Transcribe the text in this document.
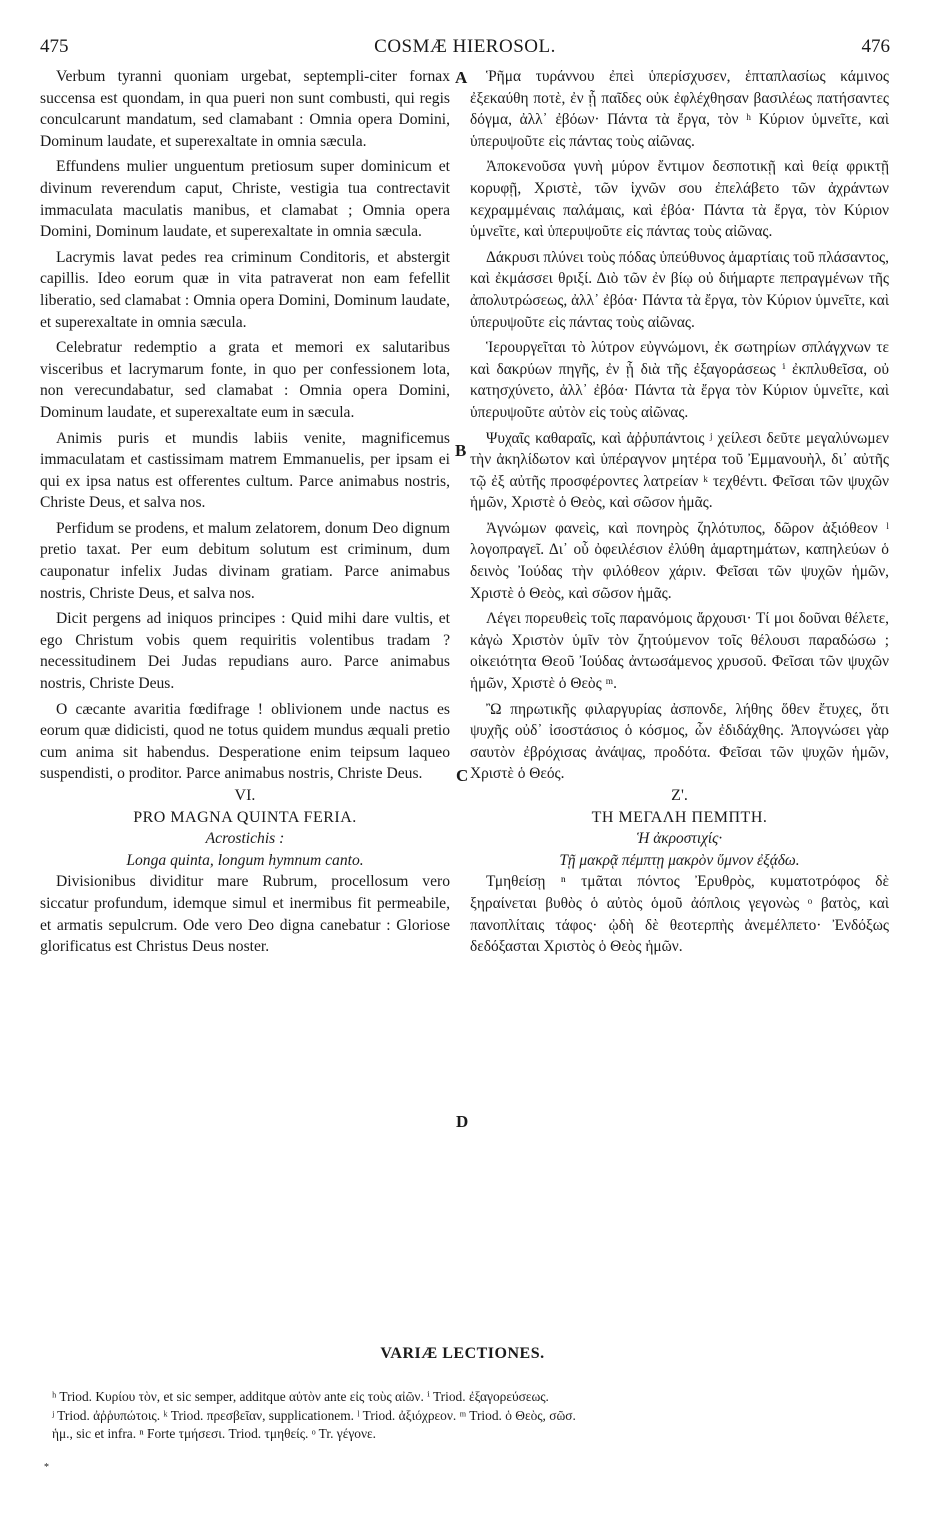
475	COSMÆ HIEROSOL.	476

Verbum tyranni quoniam urgebat, septempli-citer fornax succensa est quondam, in qua pueri non sunt combusti, qui regis conculcarunt mandatum, sed clamabant : Omnia opera Domini, Dominum laudate, et superexaltate in omnia sæcula.

Effundens mulier unguentum pretiosum super dominicum et divinum reverendum caput, Christe, vestigia tua contrectavit immaculata maculatis manibus, et clamabat ; Omnia opera Domini, Dominum laudate, et superexaltate in omnia sæcula.

Lacrymis lavat pedes rea criminum Conditoris, et abstergit capillis. Ideo eorum quæ in vita patraverat non eam fefellit liberatio, sed clamabat : Omnia opera Domini, Dominum laudate, et superexaltate in omnia sæcula.

Celebratur redemptio a grata et memori ex salutaribus visceribus et lacrymarum fonte, in quo per confessionem lota, non verecundabatur, sed clamabat : Omnia opera Domini, Dominum laudate, et superexaltate eum in sæcula.

Animis puris et mundis labiis venite, magnificemus immaculatam et castissimam matrem Emmanuelis, per ipsam ei qui ex ipsa natus est offerentes cultum. Parce animabus nostris, Christe Deus, et salva nos.

Perfidum se prodens, et malum zelatorem, donum Deo dignum pretio taxat. Per eum debitum solutum est criminum, dum cauponatur infelix Judas divinam gratiam. Parce animabus nostris, Christe Deus, et salva nos.

Dicit pergens ad iniquos principes : Quid mihi dare vultis, et ego Christum vobis quem requiritis volentibus tradam ? necessitudinem Dei Judas repudians auro. Parce animabus nostris, Christe Deus.

O cæcante avaritia fœdifrage ! oblivionem unde nactus es eorum quæ didicisti, quod ne totus quidem mundus æquali pretio cum anima sit habendus. Desperatione enim teipsum laqueo suspendisti, o proditor. Parce animabus nostris, Christe Deus.

VI.

PRO MAGNA QUINTA FERIA.

Acrostichis :

Longa quinta, longum hymnum canto.

Divisionibus dividitur mare Rubrum, procellosum vero siccatur profundum, idemque simul et inermibus fit permeabile, et armatis sepulcrum. Ode vero Deo digna canebatur : Gloriose glorificatus est Christus Deus noster.

Ῥῆμα τυράννου ἐπεὶ ὑπερίσχυσεν, ἑπταπλασίως κάμινος ἐξεκαύθη ποτὲ, ἐν ᾗ παῖδες οὐκ ἐφλέχθησαν βασιλέως πατήσαντες δόγμα, ἀλλ᾽ ἐβόων· Πάντα τὰ ἔργα, τὸν ʰ Κύριον ὑμνεῖτε, καὶ ὑπερυψοῦτε εἰς πάντας τοὺς αἰῶνας.

Ἀποκενοῦσα γυνὴ μύρον ἔντιμον δεσποτικῇ καὶ θείᾳ φρικτῇ κορυφῇ, Χριστὲ, τῶν ἰχνῶν σου ἐπελάβετο τῶν ἀχράντων κεχραμμέναις παλάμαις, καὶ ἐβόα· Πάντα τὰ ἔργα, τὸν Κύριον ὑμνεῖτε, καὶ ὑπερυψοῦτε εἰς πάντας τοὺς αἰῶνας.

Δάκρυσι πλύνει τοὺς πόδας ὑπεύθυνος ἁμαρτίαις τοῦ πλάσαντος, καὶ ἐκμάσσει θριξί. Διὸ τῶν ἐν βίῳ οὐ διήμαρτε πεπραγμένων τῆς ἀπολυτρώσεως, ἀλλ᾽ ἐβόα· Πάντα τὰ ἔργα, τὸν Κύριον ὑμνεῖτε, καὶ ὑπερυψοῦτε εἰς πάντας τοὺς αἰῶνας.

Ἱερουργεῖται τὸ λύτρον εὐγνώμονι, ἐκ σωτηρίων σπλάγχνων τε καὶ δακρύων πηγῆς, ἐν ᾗ διὰ τῆς ἐξαγοράσεως ⁱ ἐκπλυθεῖσα, οὐ κατησχύνετο, ἀλλ᾽ ἐβόα· Πάντα τὰ ἔργα τὸν Κύριον ὑμνεῖτε, καὶ ὑπερυψοῦτε αὐτὸν εἰς τοὺς αἰῶνας.

Ψυχαῖς καθαραῖς, καὶ ἀῤῥυπάντοις ʲ χείλεσι δεῦτε μεγαλύνωμεν τὴν ἀκηλίδωτον καὶ ὑπέραγνον μητέρα τοῦ Ἐμμανουὴλ, δι᾽ αὐτῆς τῷ ἐξ αὐτῆς προσφέροντες λατρείαν ᵏ τεχθέντι. Φεῖσαι τῶν ψυχῶν ἡμῶν, Χριστὲ ὁ Θεὸς, καὶ σῶσον ἡμᾶς.

Ἀγνώμων φανεὶς, καὶ πονηρὸς ζηλότυπος, δῶρον ἀξιόθεον ˡ λογοπραγεῖ. Δι᾽ οὗ ὀφειλέσιον ἐλύθη ἁμαρτημάτων, καπηλεύων ὁ δεινὸς Ἰούδας τὴν φιλόθεον χάριν. Φεῖσαι τῶν ψυχῶν ἡμῶν, Χριστὲ ὁ Θεὸς, καὶ σῶσον ἡμᾶς.

Λέγει πορευθεὶς τοῖς παρανόμοις ἄρχουσι· Τί μοι δοῦναι θέλετε, κἀγὼ Χριστὸν ὑμῖν τὸν ζητούμενον τοῖς θέλουσι παραδώσω ; οἰκειότητα Θεοῦ Ἰούδας ἀντωσάμενος χρυσοῦ. Φεῖσαι τῶν ψυχῶν ἡμῶν, Χριστὲ ὁ Θεὸς ᵐ.

Ὢ πηρωτικῆς φιλαργυρίας ἀσπονδε, λήθης ὅθεν ἔτυχες, ὅτι ψυχῆς οὐδ᾽ ἰσοστάσιος ὁ κόσμος, ὧν ἐδιδάχθης. Ἀπογνώσει γὰρ σαυτὸν ἐβρόχισας ἀνάψας, προδότα. Φεῖσαι τῶν ψυχῶν ἡμῶν, Χριστὲ ὁ Θεός.

Ζ'.

ΤΗ ΜΕΓΑΛΗ ΠΕΜΠΤΗ.

Ἡ ἀκροστιχίς·

Τῇ μακρᾷ πέμπτῃ μακρὸν ὕμνον ἐξᾴδω.

Τμηθείσῃ ⁿ τμᾶται πόντος Ἐρυθρὸς, κυματοτρόφος δὲ ξηραίνεται βυθὸς ὁ αὐτὸς ὁμοῦ ἀόπλοις γεγονὼς ᵒ βατὸς, καὶ πανοπλίταις τάφος· ᾠδὴ δὲ θεοτερπὴς ἀνεμέλπετο· Ἐνδόξως δεδόξασται Χριστὸς ὁ Θεὸς ἡμῶν.

A
B
C
D
VARIÆ LECTIONES.
ʰ Triod. Κυρίου τὸν, et sic semper, additque αὐτὸν ante εἰς τοὺς αἰῶν. ⁱ Triod. ἐξαγορεύσεως.
ʲ Triod. ἀῤῥυπώτοις. ᵏ Triod. πρεσβεῖαν, supplicationem. ˡ Triod. ἀξιόχρεον. ᵐ Triod. ὁ Θεὸς, σῶσ.
ἡμ., sic et infra. ⁿ Forte τμήσεσι. Triod. τμηθείς. ᵒ Tr. γέγονε.
*
